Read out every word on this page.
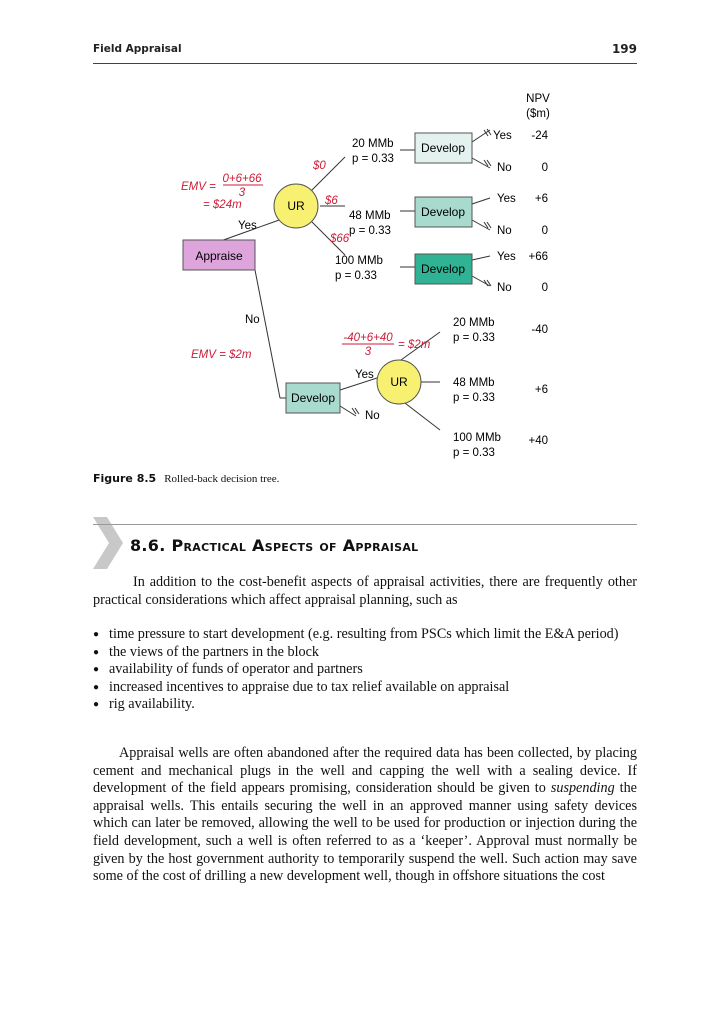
Field Appraisal	199
Appraise
UR
Develop
Develop
Develop
Develop
UR
NPV
($m)
20 MMb
p = 0.33
48 MMb
p = 0.33
100 MMb
p = 0.33
Yes
No
Yes
No
Yes
No
-24
0
+6
0
+66
0
$0
$6
$66
EMV =
0+6+66
3
= $24m
Yes
No
EMV = $2m
-40+6+40
3
= $2m
Yes
No
20 MMb
p = 0.33
48 MMb
p = 0.33
100 MMb
p = 0.33
-40
+6
+40
Figure 8.5 Rolled-back decision tree.
8.6. Practical Aspects of Appraisal
In addition to the cost-benefit aspects of appraisal activities, there are frequently other practical considerations which affect appraisal planning, such as
● time pressure to start development (e.g. resulting from PSCs which limit the E&A period)
● the views of the partners in the block
● availability of funds of operator and partners
● increased incentives to appraise due to tax relief available on appraisal
● rig availability.
Appraisal wells are often abandoned after the required data has been collected, by placing cement and mechanical plugs in the well and capping the well with a sealing device. If development of the field appears promising, consideration should be given to suspending the appraisal wells. This entails securing the well in an approved manner using safety devices which can later be removed, allowing the well to be used for production or injection during the field development, such a well is often referred to as a ‘keeper’. Approval must normally be given by the host government authority to temporarily suspend the well. Such action may save some of the cost of drilling a new development well, though in offshore situations the cost
